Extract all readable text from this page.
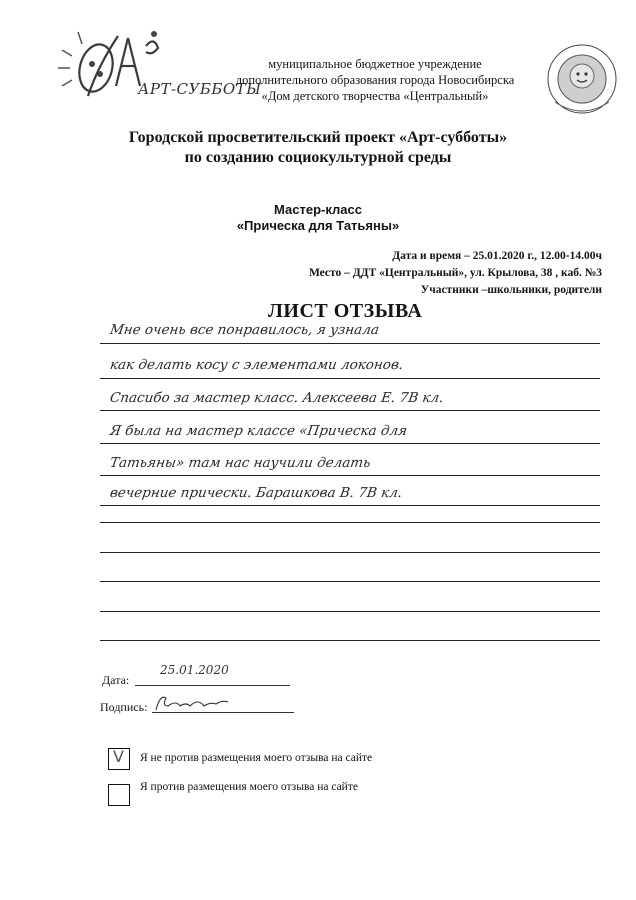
АРТ-СУББОТЫ
муниципальное бюджетное учреждение
дополнительного образования города Новосибирска
«Дом детского творчества «Центральный»
Городской просветительский проект «Арт-субботы»
по созданию социокультурной среды
Мастер-класс
«Прическа для Татьяны»
Дата и время – 25.01.2020 г., 12.00-14.00ч
Место – ДДТ «Центральный», ул. Крылова, 38 , каб. №3
Участники –школьники, родители
ЛИСТ ОТЗЫВА
Мне очень все понравилось, я узнала
как делать косу с элементами локонов.
Спасибо за мастер класс. Алексеева Е. 7В кл.
Я была на мастер классе «Прическа для
Татьяны» там нас научили делать
вечерние прически. Барашкова В. 7В кл.
Дата:
25.01.2020
Подпись:
V Я не против размещения моего отзыва на сайте
Я против размещения моего отзыва на сайте
